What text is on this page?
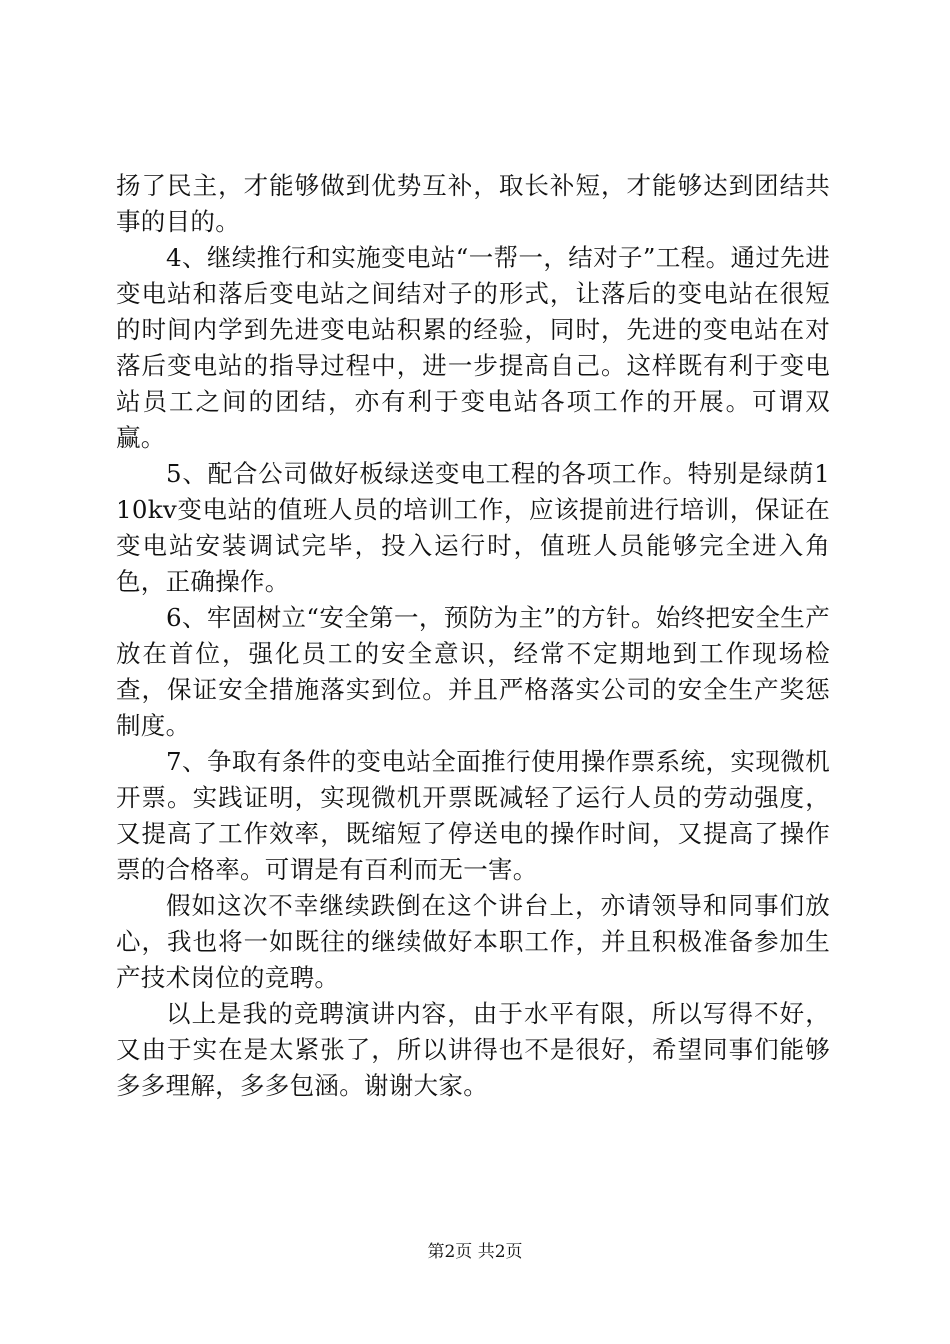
扬了民主，才能够做到优势互补，取长补短，才能够达到团结共事的目的。

4、继续推行和实施变电站“一帮一，结对子”工程。通过先进变电站和落后变电站之间结对子的形式，让落后的变电站在很短的时间内学到先进变电站积累的经验，同时，先进的变电站在对落后变电站的指导过程中，进一步提高自己。这样既有利于变电站员工之间的团结，亦有利于变电站各项工作的开展。可谓双赢。

5、配合公司做好板绿送变电工程的各项工作。特别是绿荫110kv变电站的值班人员的培训工作，应该提前进行培训，保证在变电站安装调试完毕，投入运行时，值班人员能够完全进入角色，正确操作。

6、牢固树立“安全第一，预防为主”的方针。始终把安全生产放在首位，强化员工的安全意识，经常不定期地到工作现场检查，保证安全措施落实到位。并且严格落实公司的安全生产奖惩制度。

7、争取有条件的变电站全面推行使用操作票系统，实现微机开票。实践证明，实现微机开票既减轻了运行人员的劳动强度，又提高了工作效率，既缩短了停送电的操作时间，又提高了操作票的合格率。可谓是有百利而无一害。

假如这次不幸继续跌倒在这个讲台上，亦请领导和同事们放心，我也将一如既往的继续做好本职工作，并且积极准备参加生产技术岗位的竞聘。

以上是我的竞聘演讲内容，由于水平有限，所以写得不好，又由于实在是太紧张了，所以讲得也不是很好，希望同事们能够多多理解，多多包涵。谢谢大家。

第2页 共2页
